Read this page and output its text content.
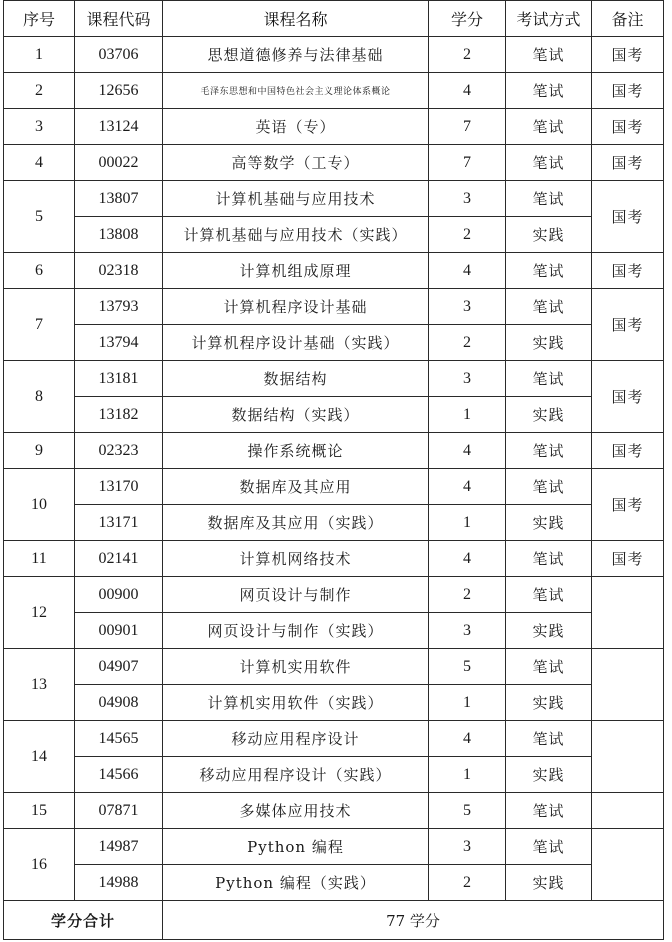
序号	课程代码	课程名称	学分	考试方式	备注
1	03706	思想道德修养与法律基础	2	笔试	国考
2	12656	毛泽东思想和中国特色社会主义理论体系概论	4	笔试	国考
3	13124	英语（专）	7	笔试	国考
4	00022	高等数学（工专）	7	笔试	国考
5	13807	计算机基础与应用技术	3	笔试	国考
	13808	计算机基础与应用技术（实践）	2	实践	
6	02318	计算机组成原理	4	笔试	国考
7	13793	计算机程序设计基础	3	笔试	国考
	13794	计算机程序设计基础（实践）	2	实践	
8	13181	数据结构	3	笔试	国考
	13182	数据结构（实践）	1	实践	
9	02323	操作系统概论	4	笔试	国考
10	13170	数据库及其应用	4	笔试	国考
	13171	数据库及其应用（实践）	1	实践	
11	02141	计算机网络技术	4	笔试	国考
12	00900	网页设计与制作	2	笔试	
	00901	网页设计与制作（实践）	3	实践	
13	04907	计算机实用软件	5	笔试	
	04908	计算机实用软件（实践）	1	实践	
14	14565	移动应用程序设计	4	笔试	
	14566	移动应用程序设计（实践）	1	实践	
15	07871	多媒体应用技术	5	笔试	
16	14987	Python 编程	3	笔试	
	14988	Python 编程（实践）	2	实践	
学分合计		77 学分			
